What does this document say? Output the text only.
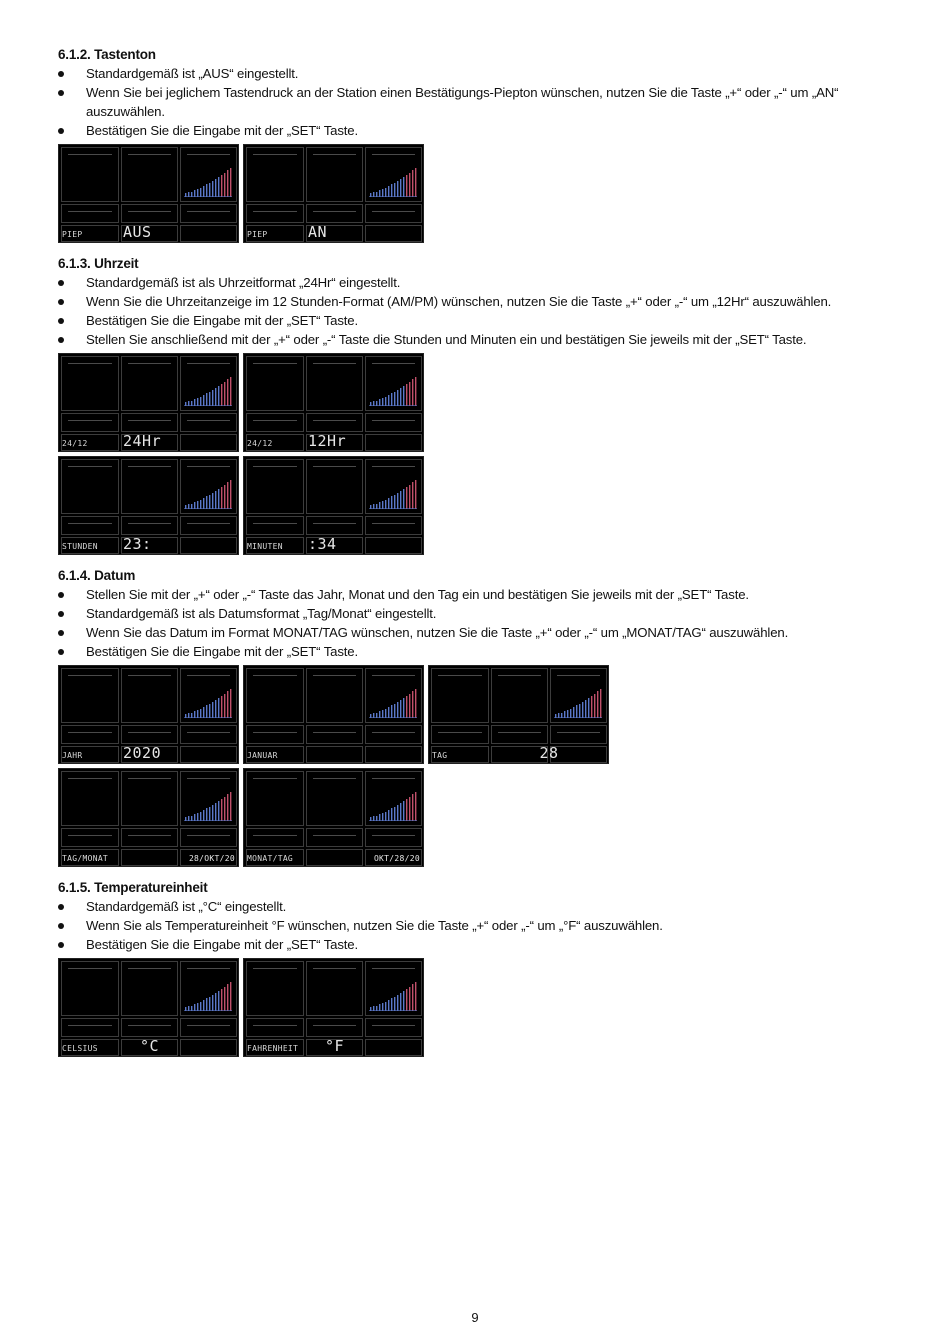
6.1.2. Tastenton
Standardgemäß ist „AUS“ eingestellt.
Wenn Sie bei jeglichem Tastendruck an der Station einen Bestätigungs-Piepton wünschen, nutzen Sie die Taste „+“ oder „-“ um „AN“ auszuwählen.
Bestätigen Sie die Eingabe mit der „SET“ Taste.
PIEP	AUS	PIEP	AN
6.1.3. Uhrzeit
Standardgemäß ist als Uhrzeitformat „24Hr“ eingestellt.
Wenn Sie die Uhrzeitanzeige im 12 Stunden-Format (AM/PM) wünschen, nutzen Sie die Taste „+“ oder „-“ um „12Hr“ auszuwählen.
Bestätigen Sie die Eingabe mit der „SET“ Taste.
Stellen Sie anschließend mit der „+“ oder „-“ Taste die Stunden und Minuten ein und bestätigen Sie jeweils mit der „SET“ Taste.
24/12 24Hr	24/12 12Hr
STUNDEN 23:	MINUTEN :34
6.1.4. Datum
Stellen Sie mit der „+“ oder „-“ Taste das Jahr, Monat und den Tag ein und bestätigen Sie jeweils mit der „SET“ Taste.
Standardgemäß ist als Datumsformat „Tag/Monat“ eingestellt.
Wenn Sie das Datum im Format MONAT/TAG wünschen, nutzen Sie die Taste „+“ oder „-“ um „MONAT/TAG“ auszuwählen.
Bestätigen Sie die Eingabe mit der „SET“ Taste.
JAHR	2020	JANUAR	TAG	28
TAG/MONAT	28/OKT/20 MONAT/TAG	OKT/28/20
6.1.5. Temperatureinheit
Standardgemäß ist „°C“ eingestellt.
Wenn Sie als Temperatureinheit °F wünschen, nutzen Sie die Taste „+“ oder „-“ um „°F“ auszuwählen.
Bestätigen Sie die Eingabe mit der „SET“ Taste.
CELSIUS	°C	FAHRENHEIT	°F
9
